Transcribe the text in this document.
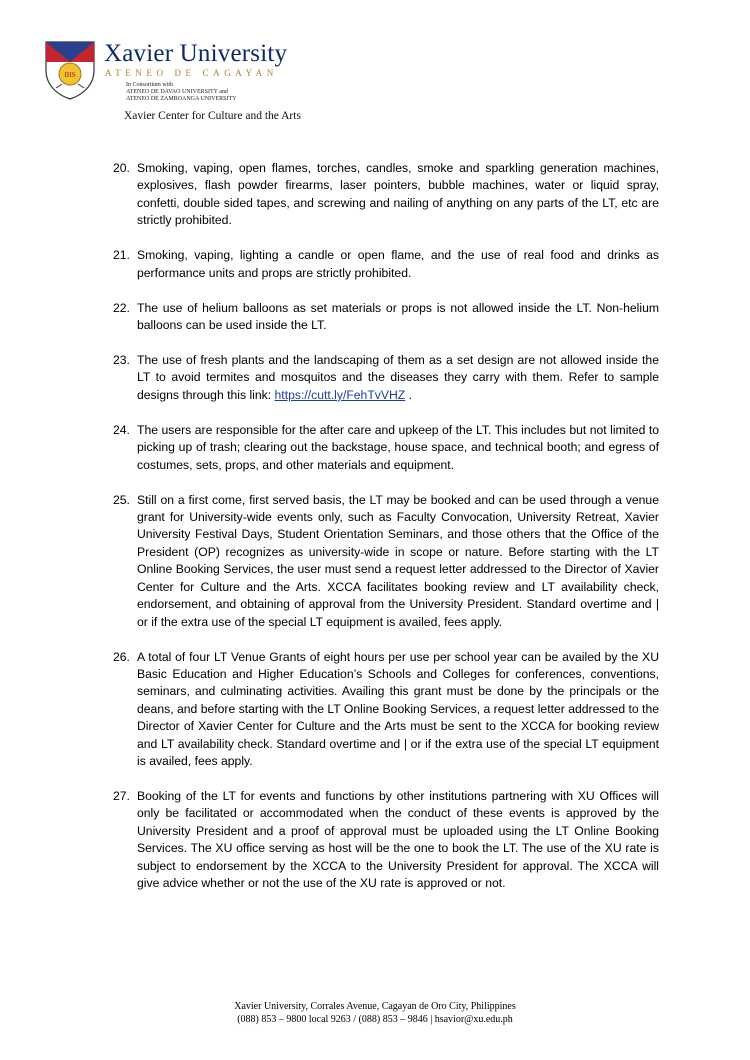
IHS
Xavier University
ATENEO DE CAGAYAN
In Consortium with
ATENEO DE DAVAO UNIVERSITY and
ATENEO DE ZAMBOANGA UNIVERSITY
Xavier Center for Culture and the Arts
20. Smoking, vaping, open flames, torches, candles, smoke and sparkling generation machines, explosives, flash powder firearms, laser pointers, bubble machines, water or liquid spray, confetti, double sided tapes, and screwing and nailing of anything on any parts of the LT, etc are strictly prohibited.
21. Smoking, vaping, lighting a candle or open flame, and the use of real food and drinks as performance units and props are strictly prohibited.
22. The use of helium balloons as set materials or props is not allowed inside the LT. Non-helium balloons can be used inside the LT.
23. The use of fresh plants and the landscaping of them as a set design are not allowed inside the LT to avoid termites and mosquitos and the diseases they carry with them. Refer to sample designs through this link: https://cutt.ly/FehTvVHZ .
24. The users are responsible for the after care and upkeep of the LT. This includes but not limited to picking up of trash; clearing out the backstage, house space, and technical booth; and egress of costumes, sets, props, and other materials and equipment.
25. Still on a first come, first served basis, the LT may be booked and can be used through a venue grant for University-wide events only, such as Faculty Convocation, University Retreat, Xavier University Festival Days, Student Orientation Seminars, and those others that the Office of the President (OP) recognizes as university-wide in scope or nature. Before starting with the LT Online Booking Services, the user must send a request letter addressed to the Director of Xavier Center for Culture and the Arts. XCCA facilitates booking review and LT availability check, endorsement, and obtaining of approval from the University President. Standard overtime and | or if the extra use of the special LT equipment is availed, fees apply.
26. A total of four LT Venue Grants of eight hours per use per school year can be availed by the XU Basic Education and Higher Education’s Schools and Colleges for conferences, conventions, seminars, and culminating activities. Availing this grant must be done by the principals or the deans, and before starting with the LT Online Booking Services, a request letter addressed to the Director of Xavier Center for Culture and the Arts must be sent to the XCCA for booking review and LT availability check. Standard overtime and | or if the extra use of the special LT equipment is availed, fees apply.
27. Booking of the LT for events and functions by other institutions partnering with XU Offices will only be facilitated or accommodated when the conduct of these events is approved by the University President and a proof of approval must be uploaded using the LT Online Booking Services. The XU office serving as host will be the one to book the LT. The use of the XU rate is subject to endorsement by the XCCA to the University President for approval. The XCCA will give advice whether or not the use of the XU rate is approved or not.
Xavier University, Corrales Avenue, Cagayan de Oro City, Philippines
(088) 853 – 9800 local 9263 / (088) 853 – 9846 | hsavior@xu.edu.ph
